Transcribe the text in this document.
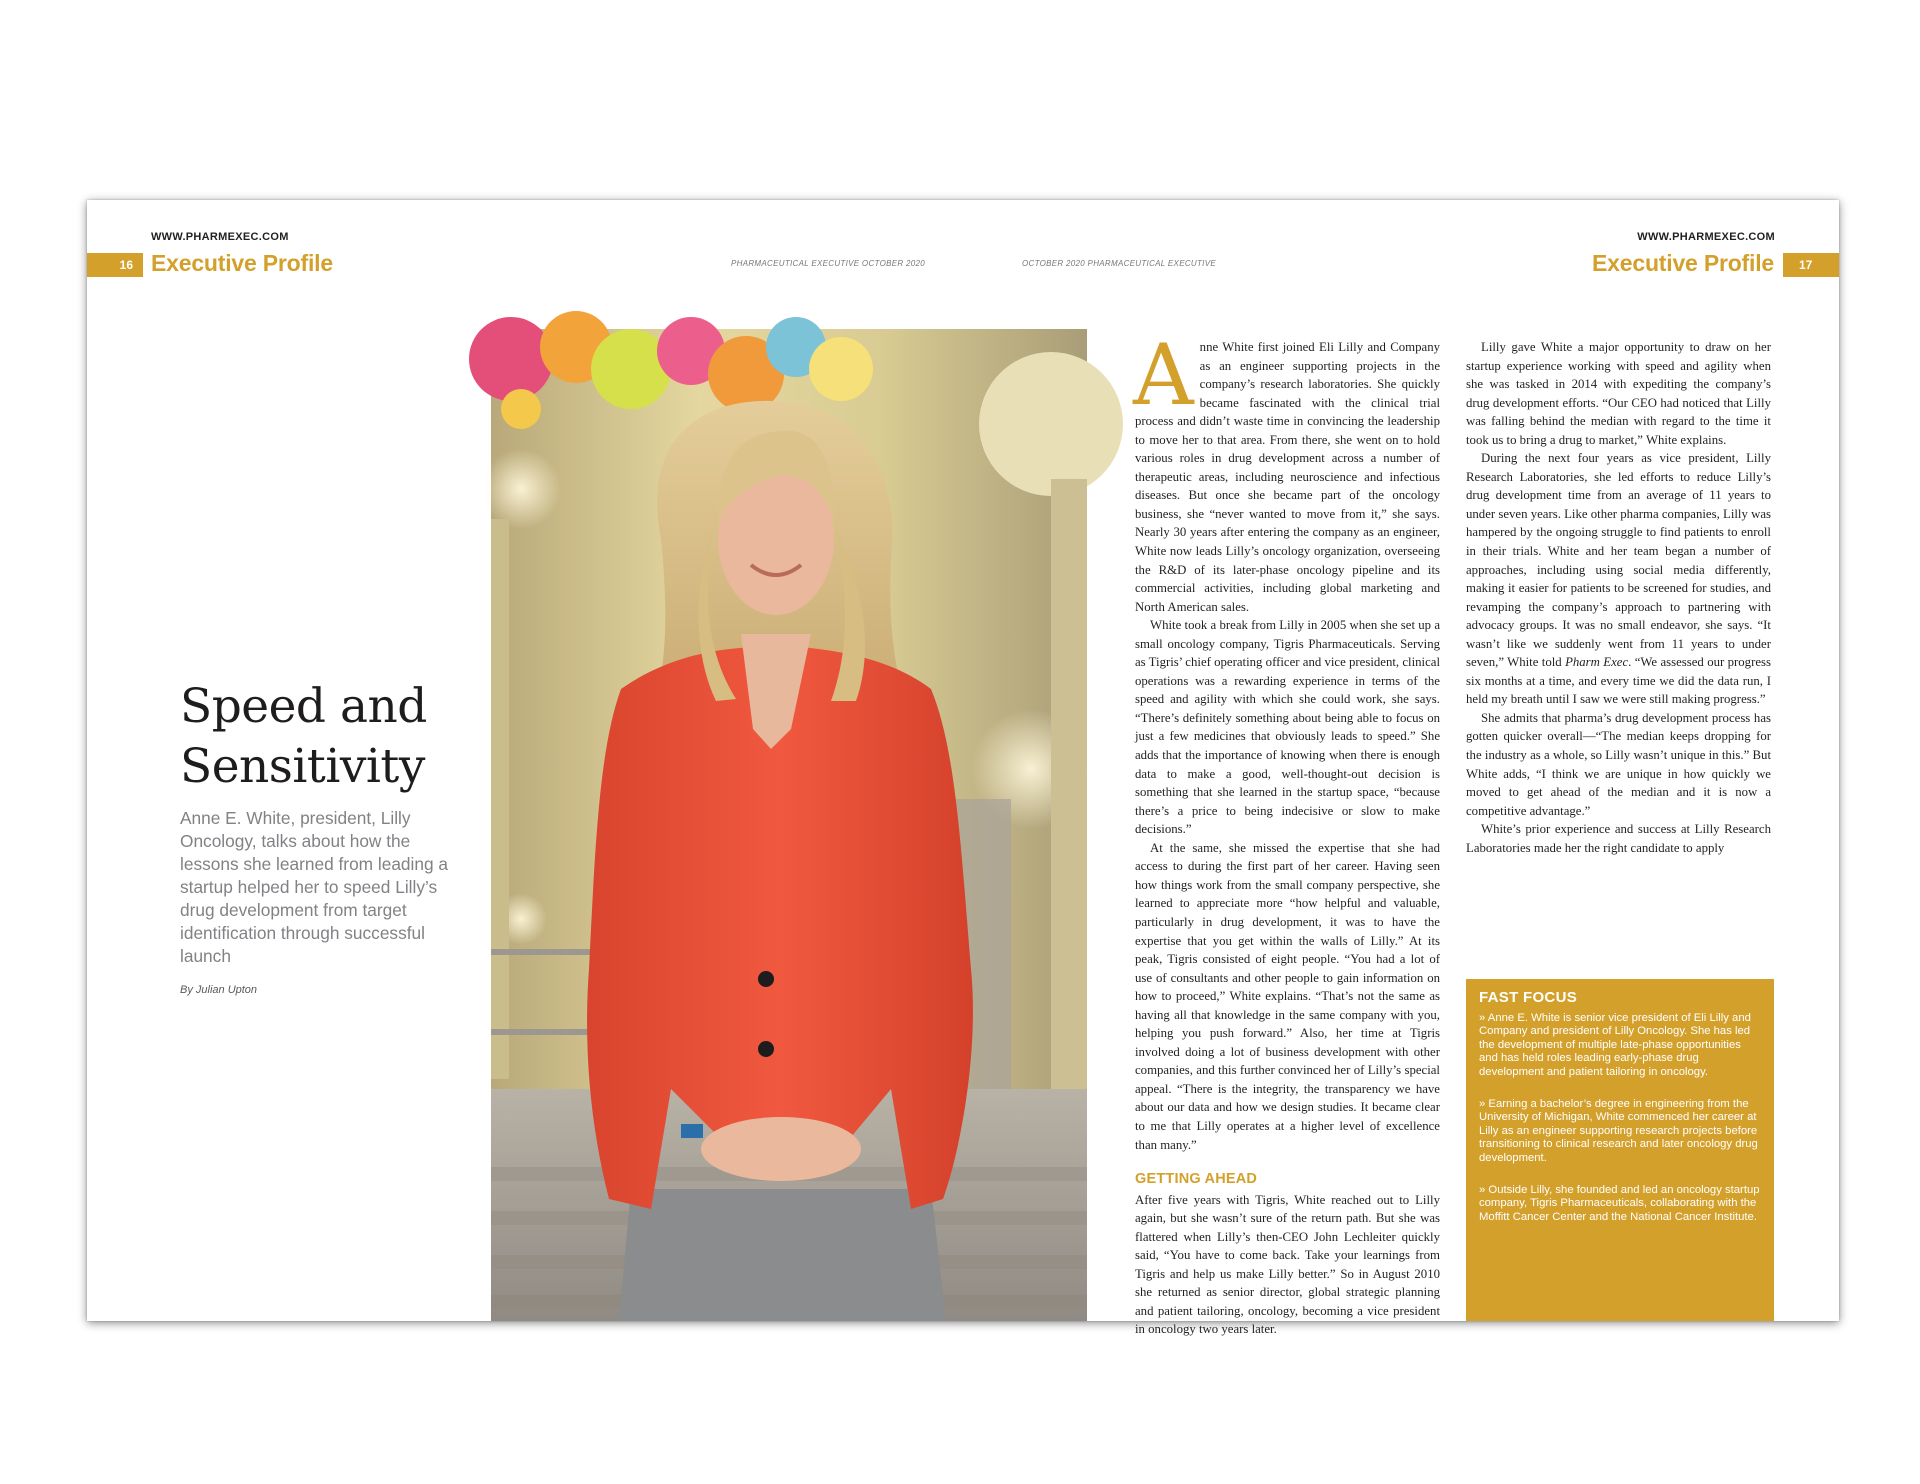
WWW.PHARMEXEC.COM	WWW.PHARMEXEC.COM
16	17
Executive Profile	Executive Profile
PHARMACEUTICAL EXECUTIVE OCTOBER 2020	OCTOBER 2020 PHARMACEUTICAL EXECUTIVE
Speed and
Sensitivity
Anne E. White, president, Lilly Oncology, talks about how the lessons she learned from leading a startup helped her to speed Lilly’s drug development from target identification through successful launch
By Julian Upton

Anne White first joined Eli Lilly and Company as an engineer supporting projects in the company’s research laboratories. She quickly became fascinated with the clinical trial process and didn’t waste time in convincing the leadership to move her to that area. From there, she went on to hold various roles in drug development across a number of therapeutic areas, including neuroscience and infectious diseases. But once she became part of the oncology business, she “never wanted to move from it,” she says. Nearly 30 years after entering the company as an engineer, White now leads Lilly’s oncology organization, overseeing the R&D of its later-phase oncology pipeline and its commercial activities, including global marketing and North American sales.

White took a break from Lilly in 2005 when she set up a small oncology company, Tigris Pharmaceuticals. Serving as Tigris’ chief operating officer and vice president, clinical operations was a rewarding experience in terms of the speed and agility with which she could work, she says. “There’s definitely something about being able to focus on just a few medicines that obviously leads to speed.” She adds that the importance of knowing when there is enough data to make a good, well-thought-out decision is something that she learned in the startup space, “because there’s a price to being indecisive or slow to make decisions.”

At the same, she missed the expertise that she had access to during the first part of her career. Having seen how things work from the small company perspective, she learned to appreciate more “how helpful and valuable, particularly in drug development, it was to have the expertise that you get within the walls of Lilly.” At its peak, Tigris consisted of eight people. “You had a lot of use of consultants and other people to gain information on how to proceed,” White explains. “That’s not the same as having all that knowledge in the same company with you, helping you push forward.” Also, her time at Tigris involved doing a lot of business development with other companies, and this further convinced her of Lilly’s special appeal. “There is the integrity, the transparency we have about our data and how we design studies. It became clear to me that Lilly operates at a higher level of excellence than many.”

GETTING AHEAD

After five years with Tigris, White reached out to Lilly again, but she wasn’t sure of the return path. But she was flattered when Lilly’s then-CEO John Lechleiter quickly said, “You have to come back. Take your learnings from Tigris and help us make Lilly better.” So in August 2010 she returned as senior director, global strategic planning and patient tailoring, oncology, becoming a vice president in oncology two years later.

Lilly gave White a major opportunity to draw on her startup experience working with speed and agility when she was tasked in 2014 with expediting the company’s drug development efforts. “Our CEO had noticed that Lilly was falling behind the median with regard to the time it took us to bring a drug to market,” White explains.

During the next four years as vice president, Lilly Research Laboratories, she led efforts to reduce Lilly’s drug development time from an average of 11 years to under seven years. Like other pharma companies, Lilly was hampered by the ongoing struggle to find patients to enroll in their trials. White and her team began a number of approaches, including using social media differently, making it easier for patients to be screened for studies, and revamping the company’s approach to partnering with advocacy groups. It was no small endeavor, she says. “It wasn’t like we suddenly went from 11 years to under seven,” White told Pharm Exec. “We assessed our progress six months at a time, and every time we did the data run, I held my breath until I saw we were still making progress.”

She admits that pharma’s drug development process has gotten quicker overall—“The median keeps dropping for the industry as a whole, so Lilly wasn’t unique in this.” But White adds, “I think we are unique in how quickly we moved to get ahead of the median and it is now a competitive advantage.”

White’s prior experience and success at Lilly Research Laboratories made her the right candidate to apply

FAST FOCUS
» Anne E. White is senior vice president of Eli Lilly and Company and president of Lilly Oncology. She has led the development of multiple late-phase opportunities and has held roles leading early-phase drug development and patient tailoring in oncology.
» Earning a bachelor’s degree in engineering from the University of Michigan, White commenced her career at Lilly as an engineer supporting research projects before transitioning to clinical research and later oncology drug development.
» Outside Lilly, she founded and led an oncology startup company, Tigris Pharmaceuticals, collaborating with the Moffitt Cancer Center and the National Cancer Institute.
